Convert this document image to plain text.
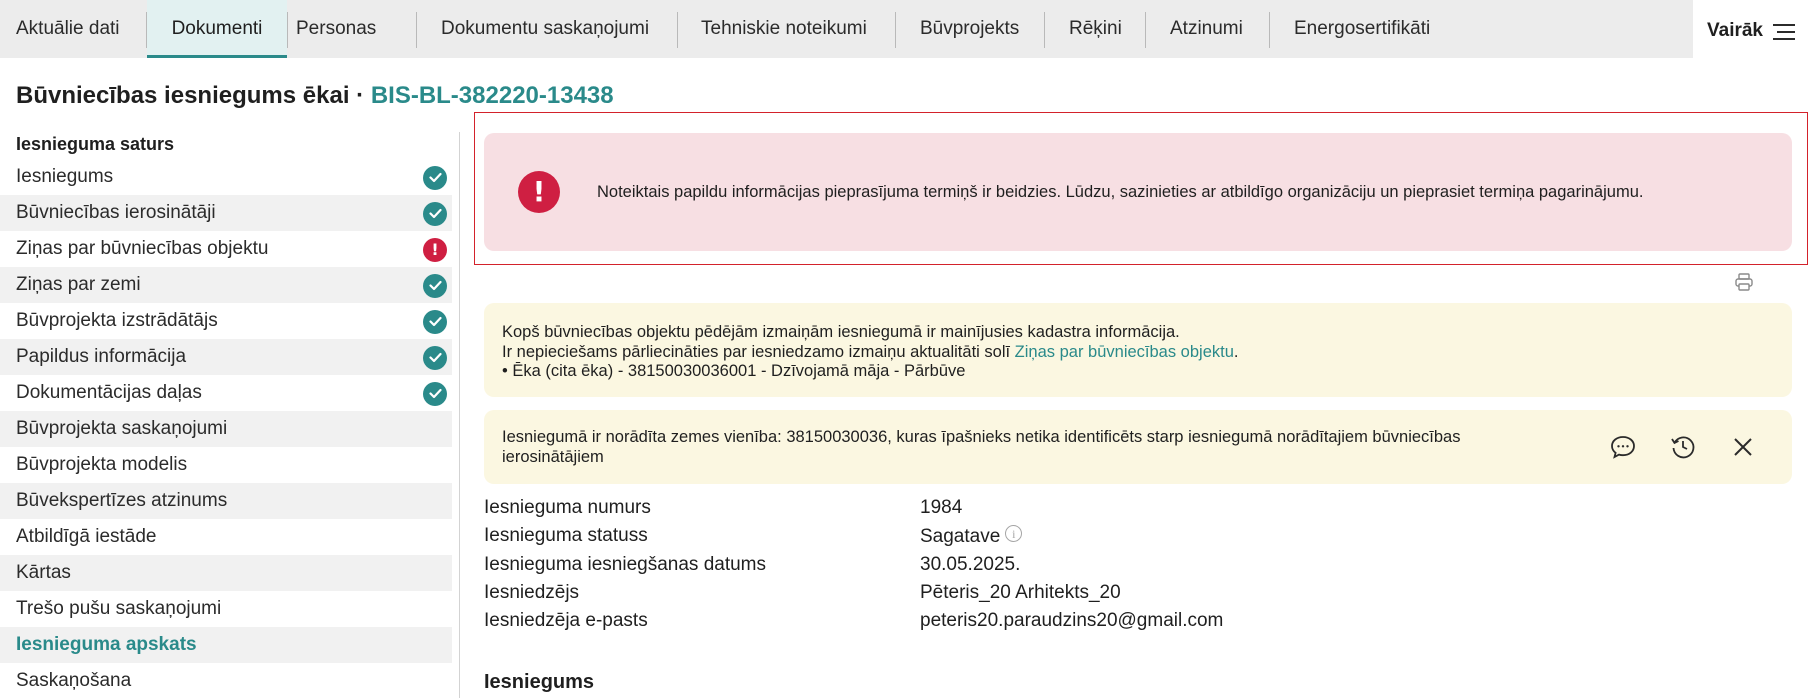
Aktuālie dati	Dokumenti	Personas	Dokumentu saskaņojumi	Tehniskie noteikumi	Būvprojekts	Rēķini	Atzinumi	Energosertifikāti	Vairāk
Būvniecības iesniegums ēkai · BIS-BL-382220-13438
Iesnieguma saturs
Iesniegums
Būvniecības ierosinātāji
Ziņas par būvniecības objektu	!
Ziņas par zemi
Būvprojekta izstrādātājs
Papildus informācija
Dokumentācijas daļas
Būvprojekta saskaņojumi
Būvprojekta modelis
Būvekspertīzes atzinums
Atbildīgā iestāde
Kārtas
Trešo pušu saskaņojumi
Iesnieguma apskats
Saskaņošana
!	Noteiktais papildu informācijas pieprasījuma termiņš ir beidzies. Lūdzu, sazinieties ar atbildīgo organizāciju un pieprasiet termiņa pagarinājumu.
Kopš būvniecības objektu pēdējām izmaiņām iesniegumā ir mainījusies kadastra informācija.
Ir nepieciešams pārliecināties par iesniedzamo izmaiņu aktualitāti solī Ziņas par būvniecības objektu.
• Ēka (cita ēka) - 38150030036001 - Dzīvojamā māja - Pārbūve
Iesniegumā ir norādīta zemes vienība: 38150030036, kuras īpašnieks netika identificēts starp iesniegumā norādītajiem būvniecības ierosinātājiem
Iesnieguma numurs	1984
Iesnieguma statuss	Sagatave i
Iesnieguma iesniegšanas datums	30.05.2025.
Iesniedzējs	Pēteris_20 Arhitekts_20
Iesniedzēja e-pasts	peteris20.paraudzins20@gmail.com
Iesniegums
